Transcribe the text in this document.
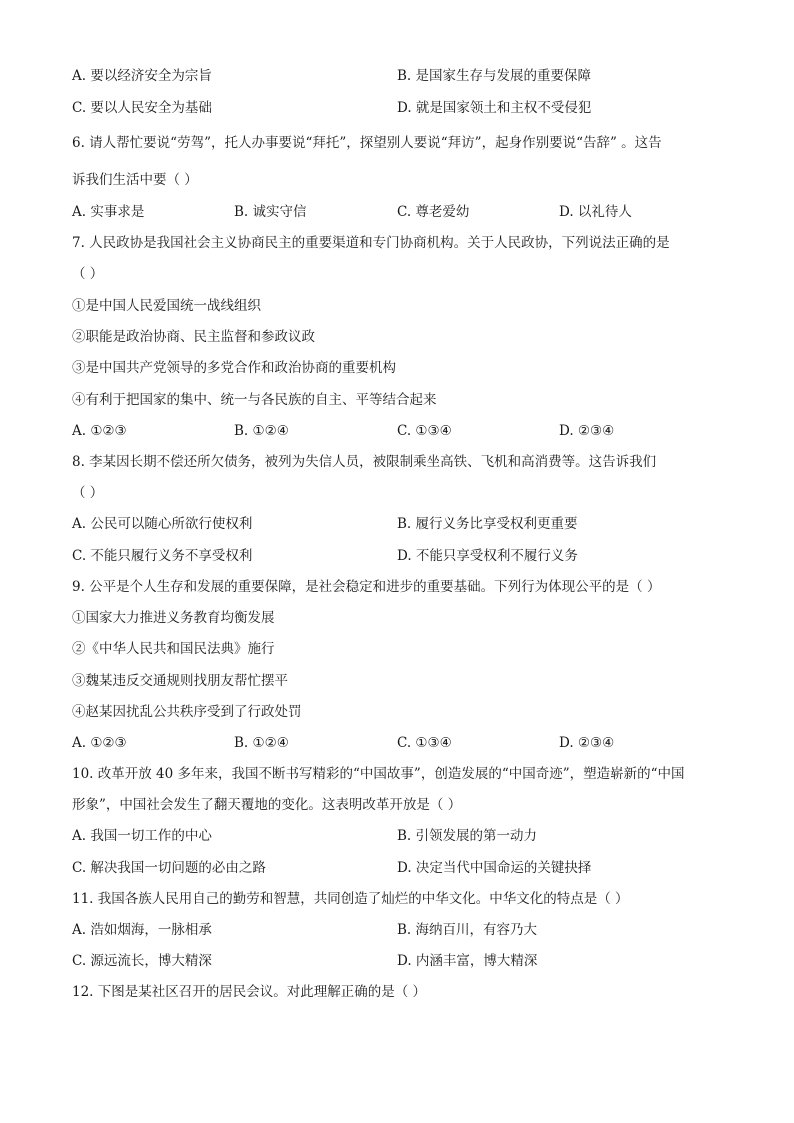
A. 要以经济安全为宗旨	B. 是国家生存与发展的重要保障
C. 要以人民安全为基础	D. 就是国家领土和主权不受侵犯
6. 请人帮忙要说“劳驾”，托人办事要说“拜托”，探望别人要说“拜访”，起身作别要说“告辞” 。这告
诉我们生活中要（ ）
A. 实事求是	B. 诚实守信	C. 尊老爱幼	D. 以礼待人
7. 人民政协是我国社会主义协商民主的重要渠道和专门协商机构。关于人民政协，下列说法正确的是
（ ）
①是中国人民爱国统一战线组织
②职能是政治协商、民主监督和参政议政
③是中国共产党领导的多党合作和政治协商的重要机构
④有利于把国家的集中、统一与各民族的自主、平等结合起来
A. ①②③	B. ①②④	C. ①③④	D. ②③④
8. 李某因长期不偿还所欠债务，被列为失信人员，被限制乘坐高铁、飞机和高消费等。这告诉我们
（ ）
A. 公民可以随心所欲行使权利	B. 履行义务比享受权利更重要
C. 不能只履行义务不享受权利	D. 不能只享受权利不履行义务
9. 公平是个人生存和发展的重要保障，是社会稳定和进步的重要基础。下列行为体现公平的是（ ）
①国家大力推进义务教育均衡发展
②《中华人民共和国民法典》施行
③魏某违反交通规则找朋友帮忙摆平
④赵某因扰乱公共秩序受到了行政处罚
A. ①②③	B. ①②④	C. ①③④	D. ②③④
10. 改革开放 40 多年来，我国不断书写精彩的“中国故事”，创造发展的“中国奇迹”，塑造崭新的“中国
形象”，中国社会发生了翻天覆地的变化。这表明改革开放是（ ）
A. 我国一切工作的中心	B. 引领发展的第一动力
C. 解决我国一切问题的必由之路	D. 决定当代中国命运的关键抉择
11. 我国各族人民用自己的勤劳和智慧，共同创造了灿烂的中华文化。中华文化的特点是（ ）
A. 浩如烟海，一脉相承	B. 海纳百川，有容乃大
C. 源远流长，博大精深	D. 内涵丰富，博大精深
12. 下图是某社区召开的居民会议。对此理解正确的是（ ）
